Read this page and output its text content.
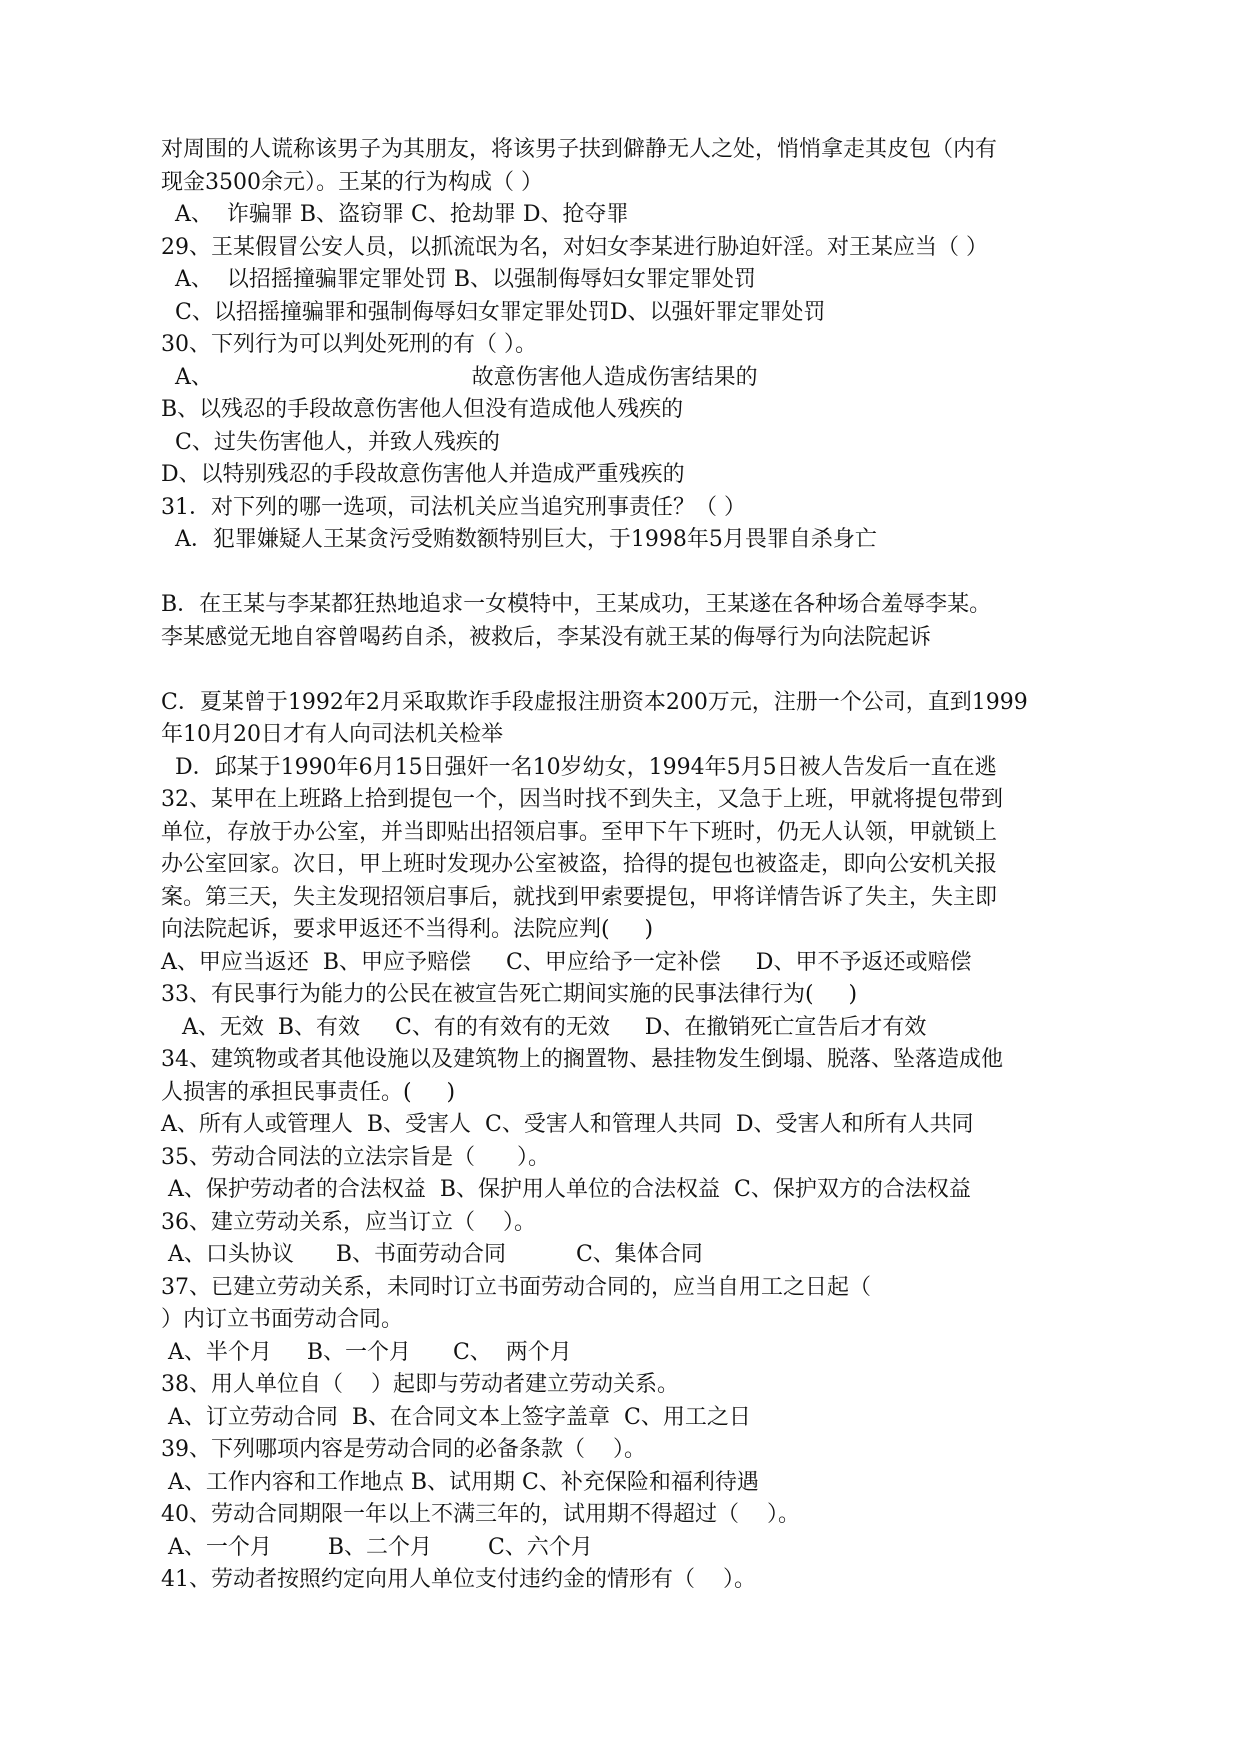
对周围的人谎称该男子为其朋友，将该男子扶到僻静无人之处，悄悄拿走其皮包（内有
现金3500余元）。王某的行为构成（ ）
A、  诈骗罪 B、盗窃罪 C、抢劫罪 D、抢夺罪
29、王某假冒公安人员，以抓流氓为名，对妇女李某进行胁迫奸淫。对王某应当（ ）
A、  以招摇撞骗罪定罪处罚 B、以强制侮辱妇女罪定罪处罚
C、以招摇撞骗罪和强制侮辱妇女罪定罪处罚D、以强奸罪定罪处罚
30、下列行为可以判处死刑的有（ ）。
A、                                     故意伤害他人造成伤害结果的
B、以残忍的手段故意伤害他人但没有造成他人残疾的
C、过失伤害他人，并致人残疾的
D、以特别残忍的手段故意伤害他人并造成严重残疾的
31．对下列的哪一选项，司法机关应当追究刑事责任？（ ）
A．犯罪嫌疑人王某贪污受贿数额特别巨大，于1998年5月畏罪自杀身亡
B．在王某与李某都狂热地追求一女模特中，王某成功，王某遂在各种场合羞辱李某。
李某感觉无地自容曾喝药自杀，被救后，李某没有就王某的侮辱行为向法院起诉
C．夏某曾于1992年2月采取欺诈手段虚报注册资本200万元，注册一个公司，直到1999
年10月20日才有人向司法机关检举
D．邱某于1990年6月15日强奸一名10岁幼女，1994年5月5日被人告发后一直在逃
32、某甲在上班路上拾到提包一个，因当时找不到失主，又急于上班，甲就将提包带到
单位，存放于办公室，并当即贴出招领启事。至甲下午下班时，仍无人认领，甲就锁上
办公室回家。次日，甲上班时发现办公室被盗，拾得的提包也被盗走，即向公安机关报
案。第三天，失主发现招领启事后，就找到甲索要提包，甲将详情告诉了失主，失主即
向法院起诉，要求甲返还不当得利。法院应判(     )
A、甲应当返还  B、甲应予赔偿     C、甲应给予一定补偿     D、甲不予返还或赔偿
33、有民事行为能力的公民在被宣告死亡期间实施的民事法律行为(     )
A、无效  B、有效     C、有的有效有的无效     D、在撤销死亡宣告后才有效
34、建筑物或者其他设施以及建筑物上的搁置物、悬挂物发生倒塌、脱落、坠落造成他
人损害的承担民事责任。(     )
A、所有人或管理人  B、受害人  C、受害人和管理人共同  D、受害人和所有人共同
35、劳动合同法的立法宗旨是（      ）。
A、保护劳动者的合法权益  B、保护用人单位的合法权益  C、保护双方的合法权益
36、建立劳动关系，应当订立（    ）。
A、口头协议      B、书面劳动合同          C、集体合同
37、已建立劳动关系，未同时订立书面劳动合同的，应当自用工之日起（
）内订立书面劳动合同。
A、半个月     B、一个月      C、  两个月
38、用人单位自（    ）起即与劳动者建立劳动关系。
A、订立劳动合同  B、在合同文本上签字盖章  C、用工之日
39、下列哪项内容是劳动合同的必备条款（    ）。
A、工作内容和工作地点 B、试用期 C、补充保险和福利待遇
40、劳动合同期限一年以上不满三年的，试用期不得超过（    ）。
A、一个月        B、二个月        C、六个月
41、劳动者按照约定向用人单位支付违约金的情形有（    ）。
